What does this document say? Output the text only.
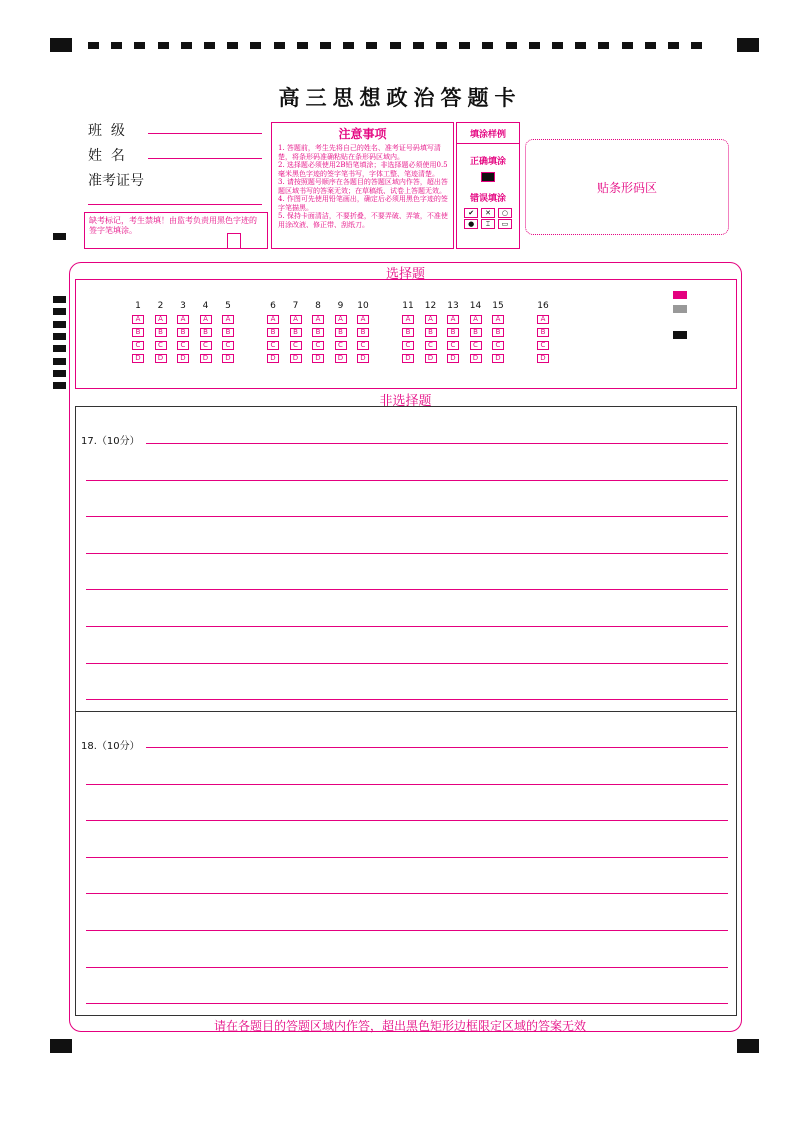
高三思想政治答题卡
班  级
姓  名
准考证号
缺考标记，考生禁填！由监考负责用黑色字迹的签字笔填涂。
注意事项
1. 答题前，考生先将自己的姓名、准考证号码填写清楚，将条形码准确粘贴在条形码区域内。
2. 选择题必须使用2B铅笔填涂；非选择题必须使用0.5毫米黑色字迹的签字笔书写，字体工整、笔迹清楚。
3. 请按照题号顺序在各题目的答题区域内作答，超出答题区域书写的答案无效；在草稿纸、试卷上答题无效。
4. 作图可先使用铅笔画出，确定后必须用黑色字迹的签字笔描黑。
5. 保持卡面清洁，不要折叠，不要弄破、弄皱，不准使用涂改液、修正带、刮纸刀。
填涂样例
正确填涂
错误填涂
✔ ✕ ○
● ⌶ ▭
贴条形码区
选择题
1
A
B
C
D
2
A
B
C
D
3
A
B
C
D
4
A
B
C
D
5
A
B
C
D
6
A
B
C
D
7
A
B
C
D
8
A
B
C
D
9
A
B
C
D
10
A
B
C
D
11
A
B
C
D
12
A
B
C
D
13
A
B
C
D
14
A
B
C
D
15
A
B
C
D
16
A
B
C
D
非选择题
17.（10分）
18.（10分）
请在各题目的答题区域内作答，超出黑色矩形边框限定区域的答案无效
